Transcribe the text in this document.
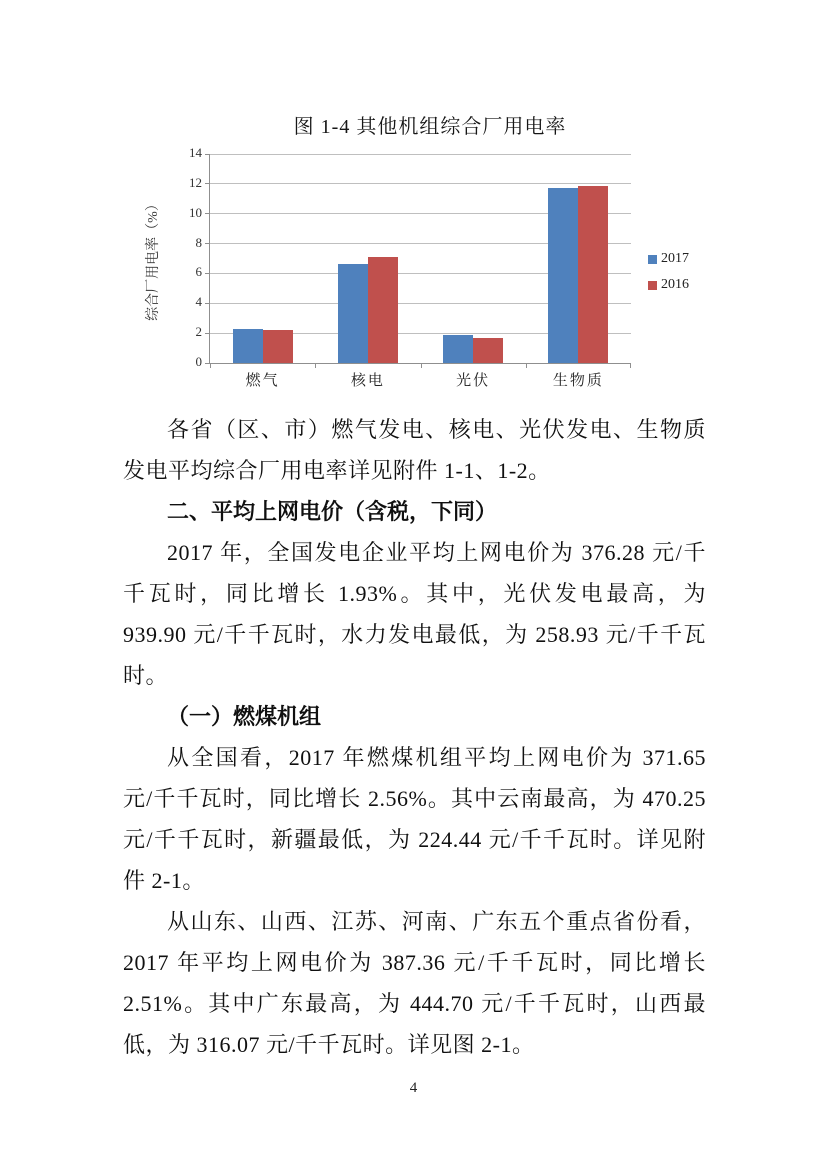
图 1-4 其他机组综合厂用电率
综合厂用电率（%）
0
2
4
6
8
10
12
14
燃气	核电	光伏	生物质
2017
2016

各省（区、市）燃气发电、核电、光伏发电、生物质发电平均综合厂用电率详见附件 1-1、1-2。

二、平均上网电价（含税，下同）

2017 年，全国发电企业平均上网电价为 376.28 元/千千瓦时，同比增长 1.93%。其中，光伏发电最高，为 939.90 元/千千瓦时，水力发电最低，为 258.93 元/千千瓦时。

（一）燃煤机组

从全国看，2017 年燃煤机组平均上网电价为 371.65 元/千千瓦时，同比增长 2.56%。其中云南最高，为 470.25 元/千千瓦时，新疆最低，为 224.44 元/千千瓦时。详见附件 2-1。

从山东、山西、江苏、河南、广东五个重点省份看，2017 年平均上网电价为 387.36 元/千千瓦时，同比增长 2.51%。其中广东最高，为 444.70 元/千千瓦时，山西最低，为 316.07 元/千千瓦时。详见图 2-1。

4
